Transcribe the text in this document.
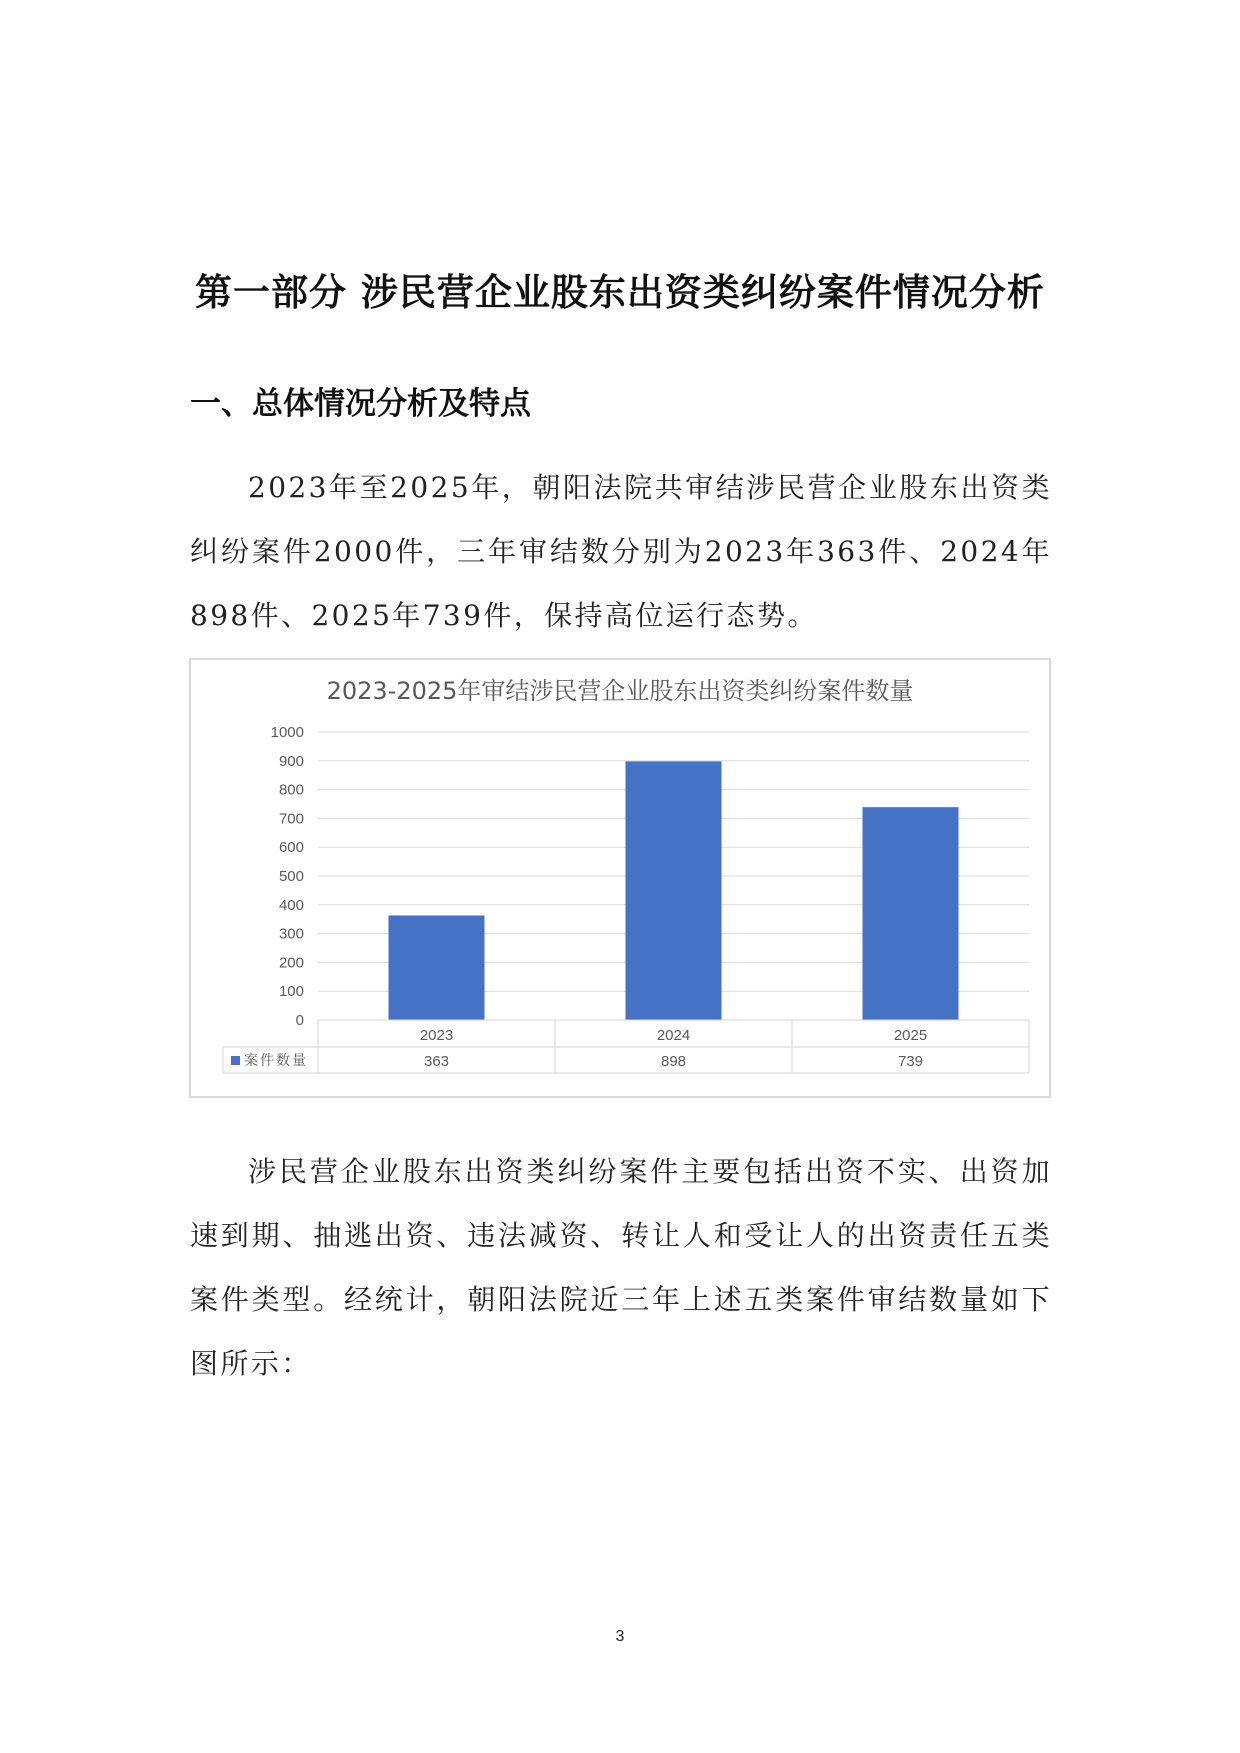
第一部分 涉民营企业股东出资类纠纷案件情况分析
一、总体情况分析及特点

2023年至2025年，朝阳法院共审结涉民营企业股东出资类纠纷案件2000件，三年审结数分别为2023年363件、2024年898件、2025年739件，保持高位运行态势。

2023-2025年审结涉民营企业股东出资类纠纷案件数量
0
100
200
300
400
500
600
700
800
900
1000
2023
363
2024
898
2025
739
案件数量

涉民营企业股东出资类纠纷案件主要包括出资不实、出资加速到期、抽逃出资、违法减资、转让人和受让人的出资责任五类案件类型。经统计，朝阳法院近三年上述五类案件审结数量如下图所示：

3
